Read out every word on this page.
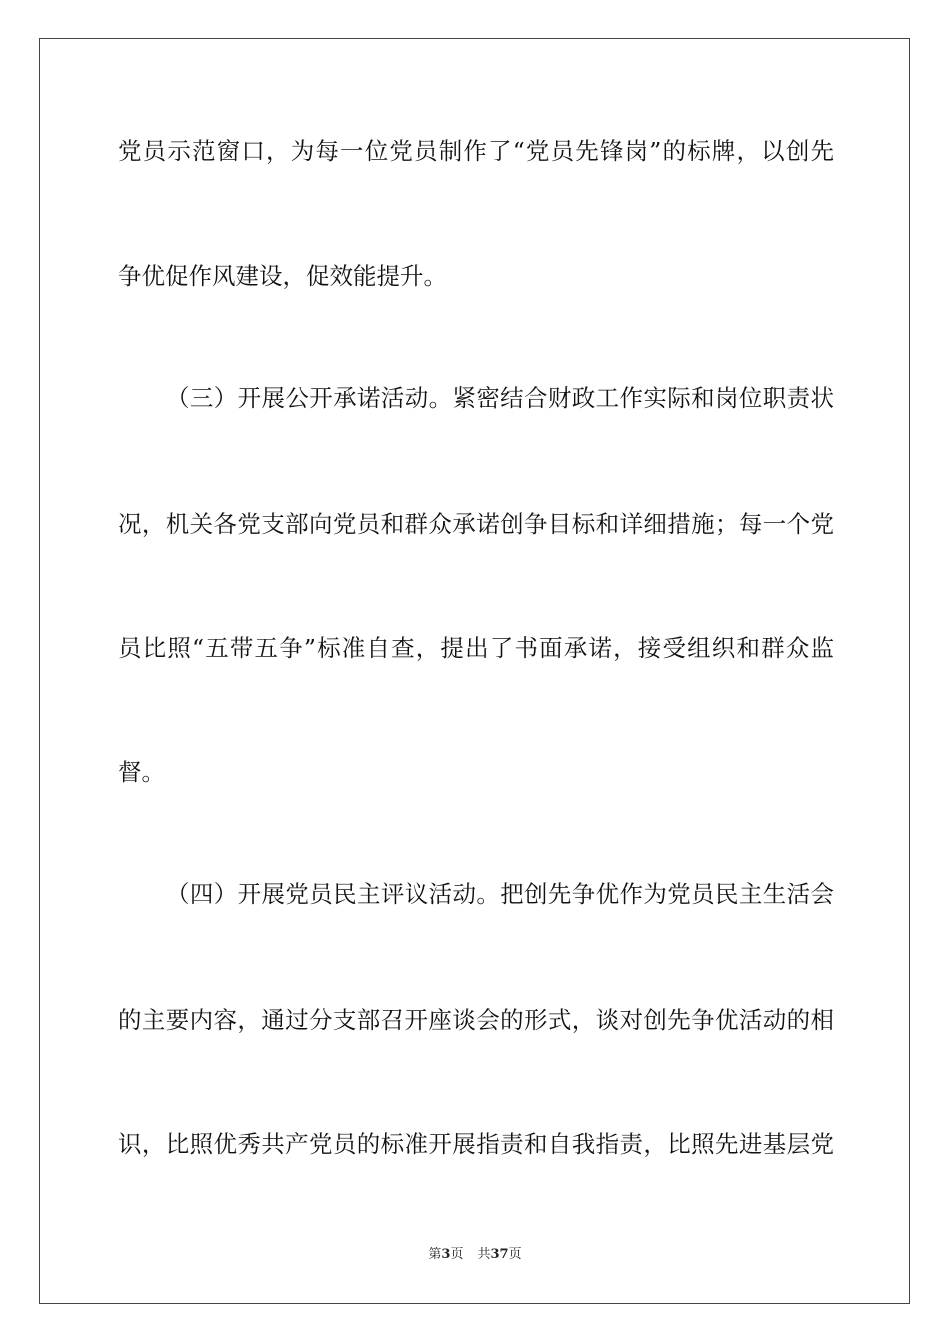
党员示范窗口，为每一位党员制作了“党员先锋岗”的标牌，以创先
争优促作风建设，促效能提升。
（三）开展公开承诺活动。紧密结合财政工作实际和岗位职责状
况，机关各党支部向党员和群众承诺创争目标和详细措施；每一个党
员比照“五带五争”标准自查，提出了书面承诺，接受组织和群众监
督。
（四）开展党员民主评议活动。把创先争优作为党员民主生活会
的主要内容，通过分支部召开座谈会的形式，谈对创先争优活动的相
识，比照优秀共产党员的标准开展指责和自我指责，比照先进基层党
第3页 共37页
